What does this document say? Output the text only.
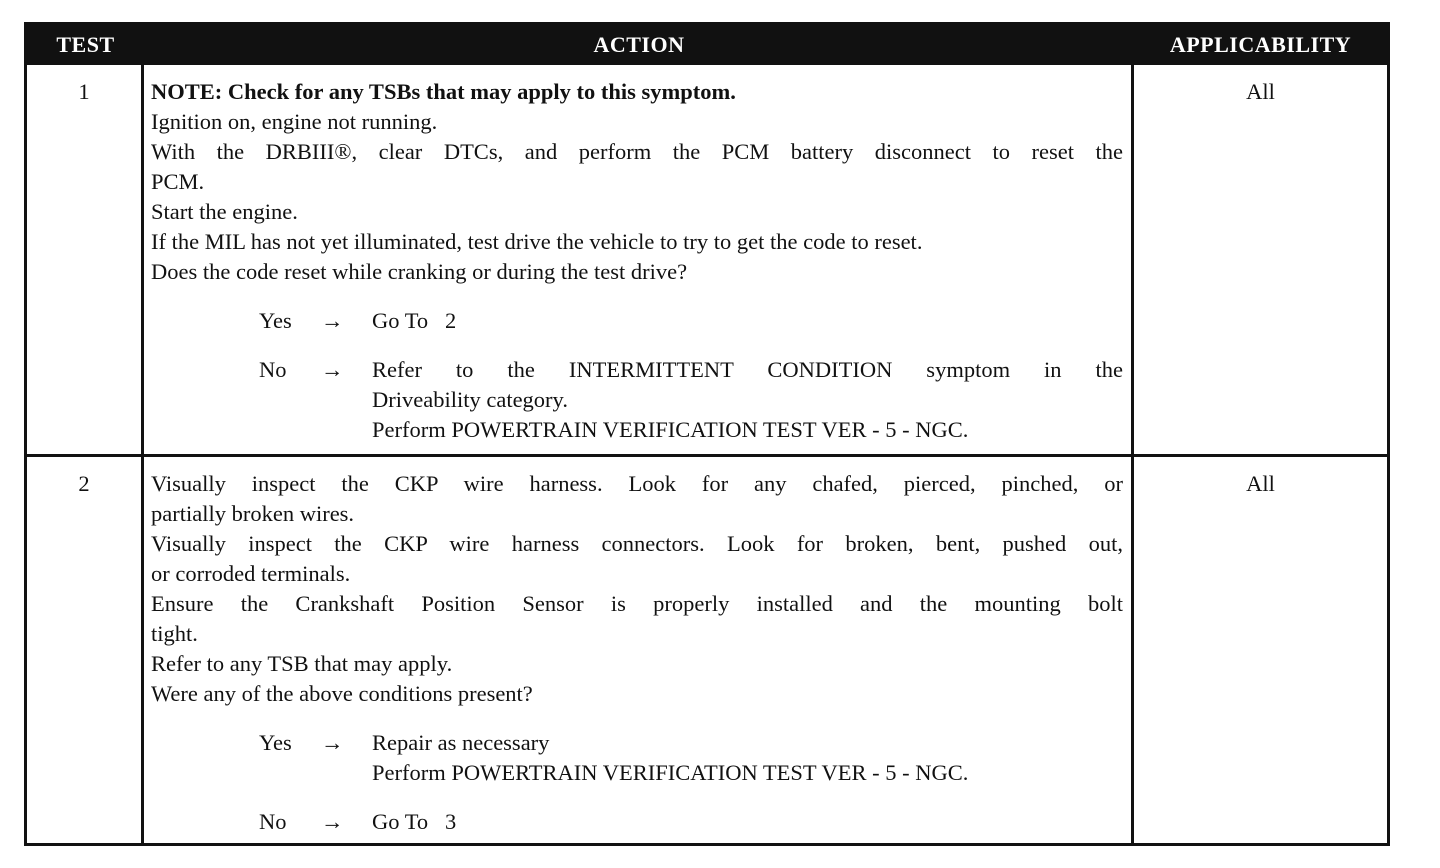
TEST	ACTION	APPLICABILITY
1	NOTE: Check for any TSBs that may apply to this symptom.
Ignition on, engine not running.
With the DRBIII®, clear DTCs, and perform the PCM battery disconnect to reset the
PCM.
Start the engine.
If the MIL has not yet illuminated, test drive the vehicle to try to get the code to reset.
Does the code reset while cranking or during the test drive?
Yes	→	Go To   2
No	→	Refer to the INTERMITTENT CONDITION symptom in the
Driveability category.
Perform POWERTRAIN VERIFICATION TEST VER - 5 - NGC.
All
2	Visually inspect the CKP wire harness. Look for any chafed, pierced, pinched, or
partially broken wires.
Visually inspect the CKP wire harness connectors. Look for broken, bent, pushed out,
or corroded terminals.
Ensure the Crankshaft Position Sensor is properly installed and the mounting bolt
tight.
Refer to any TSB that may apply.
Were any of the above conditions present?
Yes	→	Repair as necessary
Perform POWERTRAIN VERIFICATION TEST VER - 5 - NGC.
No	→	Go To   3
All
